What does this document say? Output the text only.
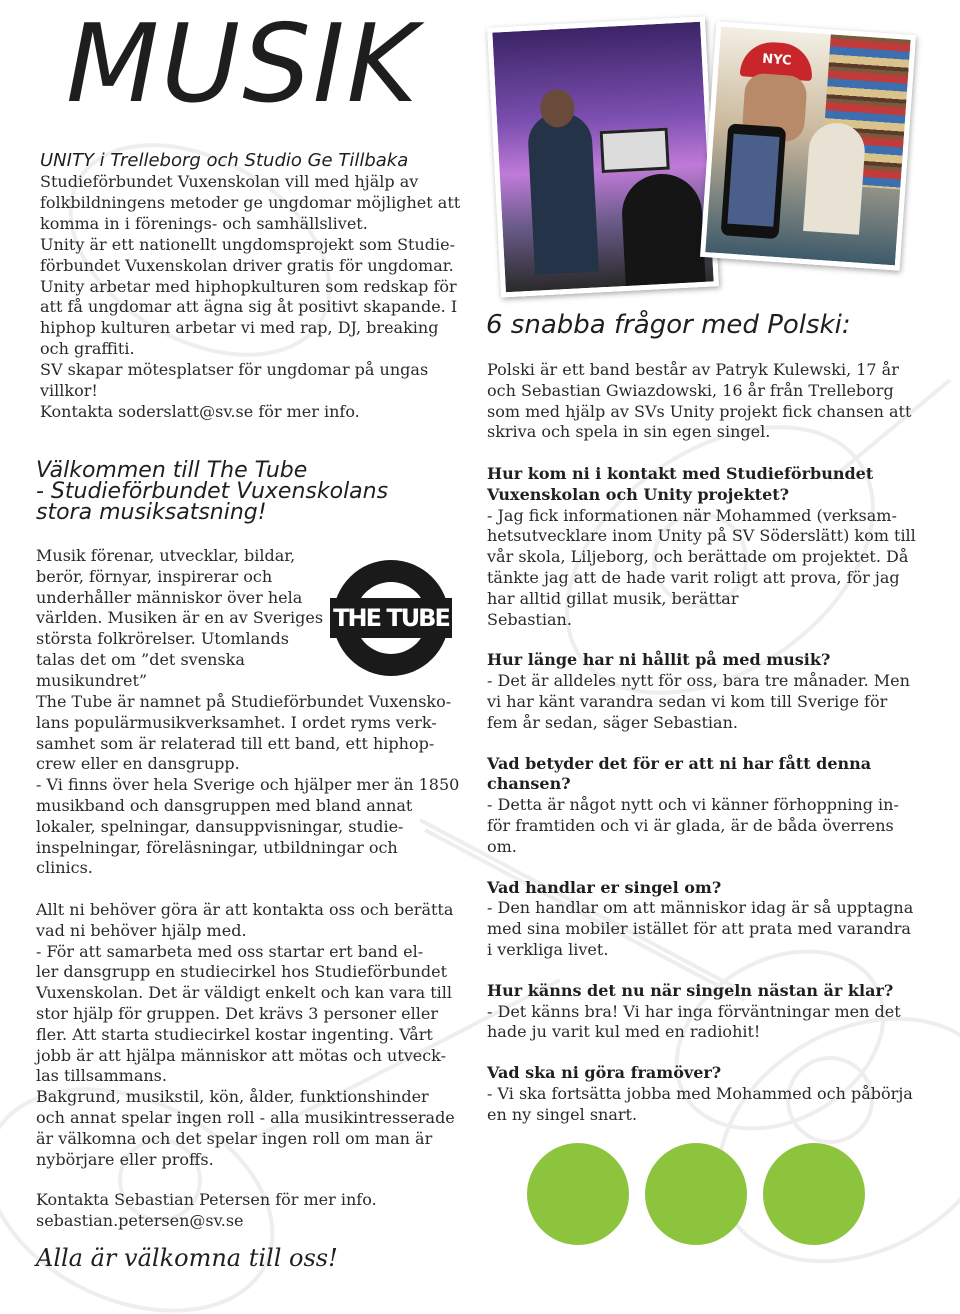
MUSIK

UNITY i Trelleborg och Studio Ge Tillbaka

Studieförbundet Vuxenskolan vill med hjälp av
folkbildningens metoder ge ungdomar möjlighet att
komma in i förenings- och samhällslivet.
Unity är ett nationellt ungdomsprojekt som Studie-
förbundet Vuxenskolan driver gratis för ungdomar.
Unity arbetar med hiphopkulturen som redskap för
att få ungdomar att ägna sig åt positivt skapande. I
hiphop kulturen arbetar vi med rap, DJ, breaking
och graffiti.
SV skapar mötesplatser för ungdomar på ungas
villkor!
Kontakta soderslatt@sv.se för mer info.

Välkommen till The Tube
- Studieförbundet Vuxenskolans
stora musiksatsning!

Musik förenar, utvecklar, bildar,
berör, förnyar, inspirerar och
underhåller människor över hela
världen. Musiken är en av Sveriges
största folkrörelser. Utomlands
talas det om ”det svenska musikundret”

THE TUBE

The Tube är namnet på Studieförbundet Vuxensko-
lans populärmusikverksamhet. I ordet ryms verk-
samhet som är relaterad till ett band, ett hiphop-
crew eller en dansgrupp.
- Vi finns över hela Sverige och hjälper mer än 1850
musikband och dansgruppen med bland annat
lokaler, spelningar, dansuppvisningar, studie-
inspelningar, föreläsningar, utbildningar och
clinics.

Allt ni behöver göra är att kontakta oss och berätta
vad ni behöver hjälp med.
- För att samarbeta med oss startar ert band el-
ler dansgrupp en studiecirkel hos Studieförbundet
Vuxenskolan. Det är väldigt enkelt och kan vara till
stor hjälp för gruppen. Det krävs 3 personer eller
fler. Att starta studiecirkel kostar ingenting. Vårt
jobb är att hjälpa människor att mötas och utveck-
las tillsammans.
Bakgrund, musikstil, kön, ålder, funktionshinder
och annat spelar ingen roll - alla musikintresserade
är välkomna och det spelar ingen roll om man är
nybörjare eller proffs.

Kontakta Sebastian Petersen för mer info.
sebastian.petersen@sv.se

Alla är välkomna till oss!

NYC

6 snabba frågor med Polski:

Polski är ett band består av Patryk Kulewski, 17 år
och Sebastian Gwiazdowski, 16 år från Trelleborg
som med hjälp av SVs Unity projekt fick chansen att
skriva och spela in sin egen singel.

Hur kom ni i kontakt med Studieförbundet
Vuxenskolan och Unity projektet?

- Jag fick informationen när Mohammed (verksam-
hetsutvecklare inom Unity på SV Söderslätt) kom till
vår skola, Liljeborg, och berättade om projektet. Då
tänkte jag att de hade varit roligt att prova, för jag
har alltid gillat musik, berättar
Sebastian.

Hur länge har ni hållit på med musik?

- Det är alldeles nytt för oss, bara tre månader. Men
vi har känt varandra sedan vi kom till Sverige för
fem år sedan, säger Sebastian.

Vad betyder det för er att ni har fått denna
chansen?

- Detta är något nytt och vi känner förhoppning in-
för framtiden och vi är glada, är de båda överrens
om.

Vad handlar er singel om?

- Den handlar om att människor idag är så upptagna
med sina mobiler istället för att prata med varandra
i verkliga livet.

Hur känns det nu när singeln nästan är klar?

- Det känns bra! Vi har inga förväntningar men det
hade ju varit kul med en radiohit!

Vad ska ni göra framöver?

- Vi ska fortsätta jobba med Mohammed och påbörja
en ny singel snart.
